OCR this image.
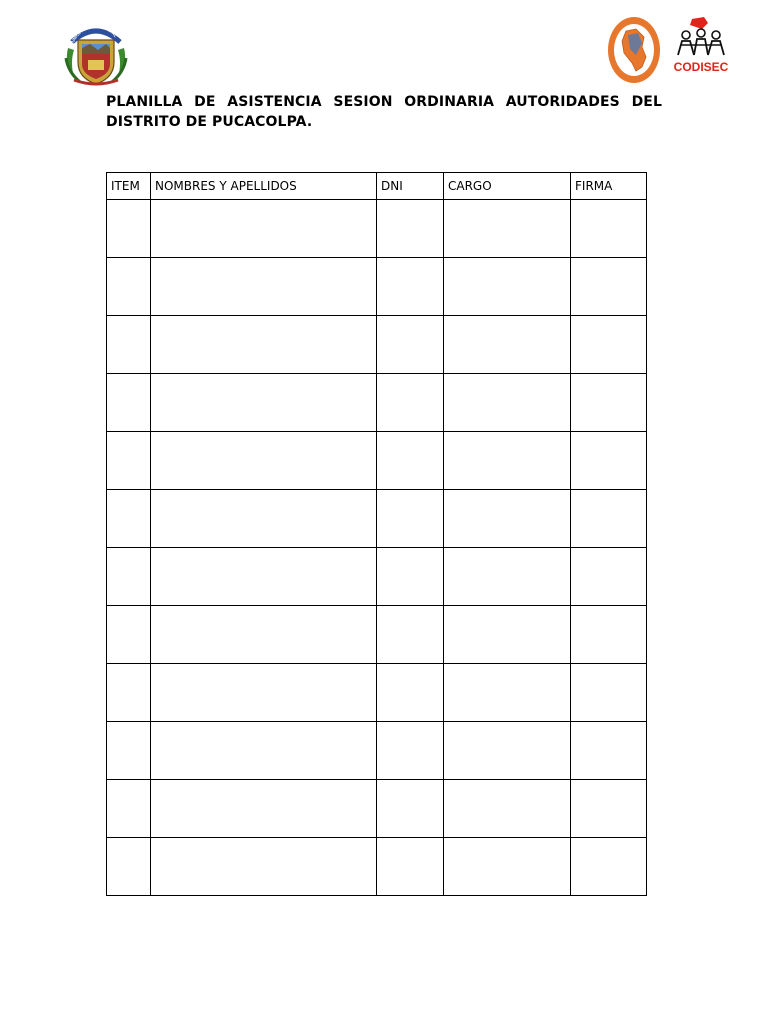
MUNICIPALIDAD DISTRITAL
CODISEC
PLANILLA DE ASISTENCIA SESION ORDINARIA AUTORIDADES DEL DISTRITO DE PUCACOLPA.
ITEM	NOMBRES Y APELLIDOS	DNI	CARGO	FIRMA
